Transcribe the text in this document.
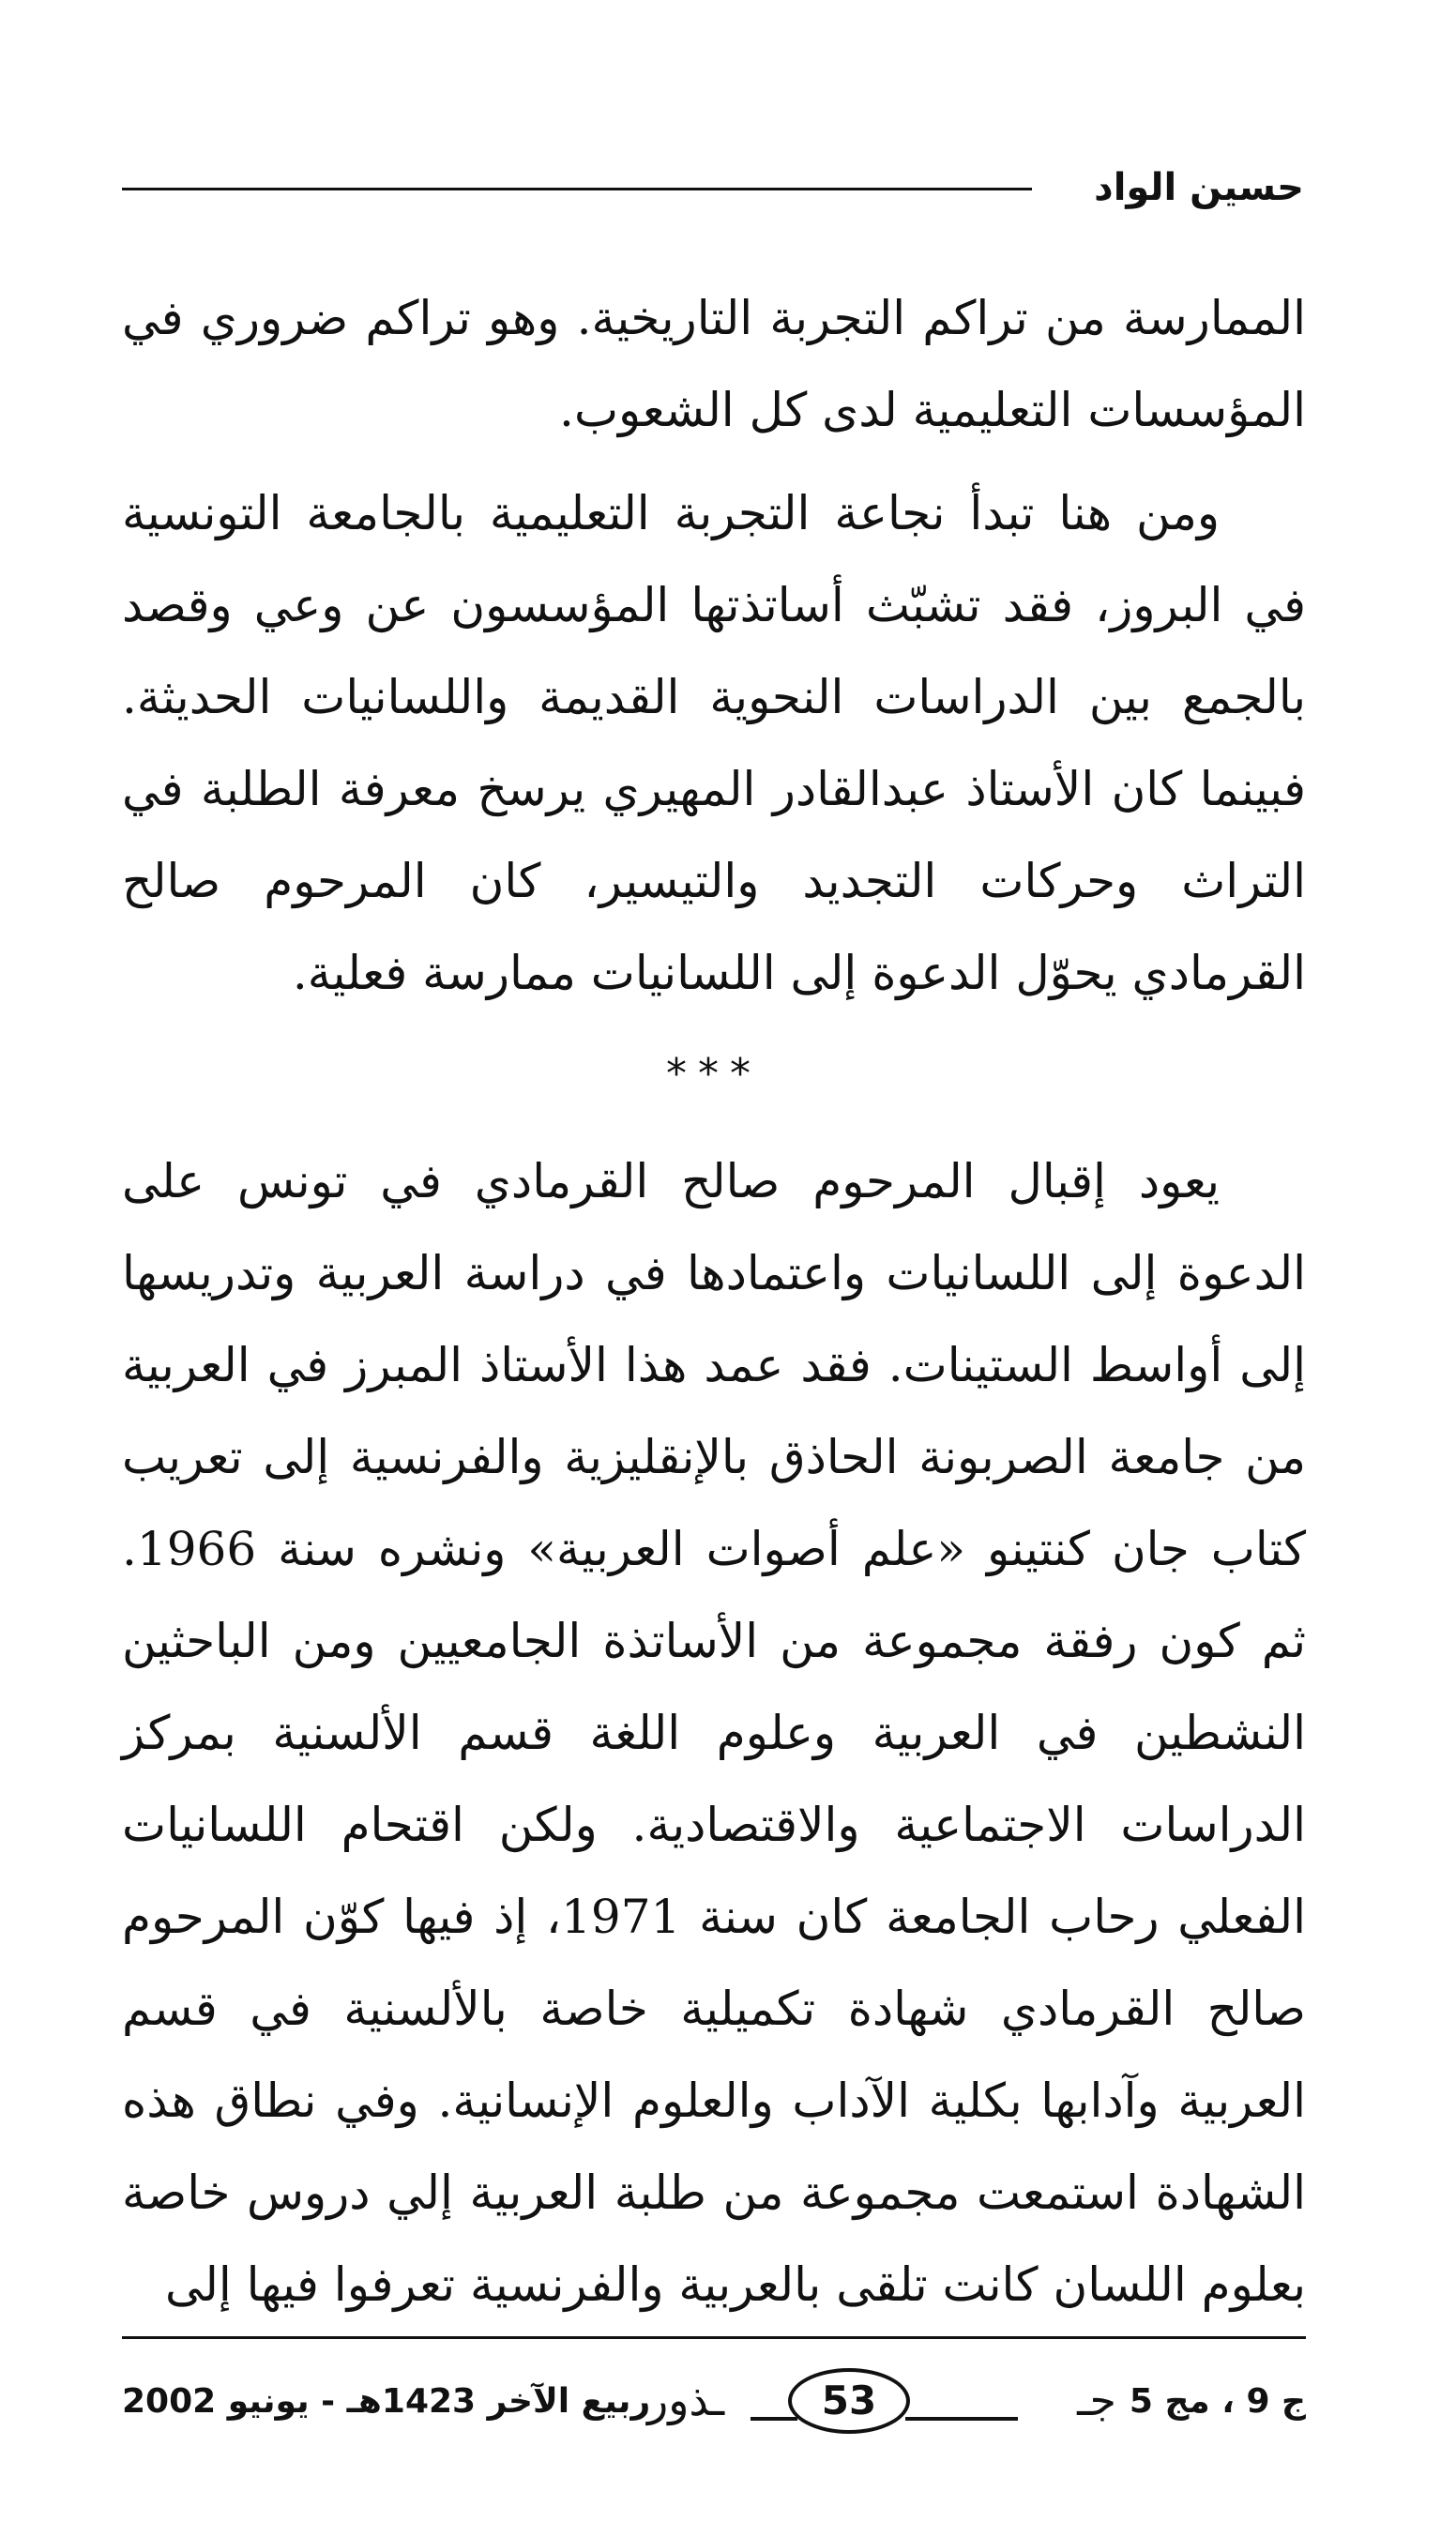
حسين الواد

الممارسة من تراكم التجربة التاريخية. وهو تراكم ضروري في المؤسسات التعليمية لدى كل الشعوب.

ومن هنا تبدأ نجاعة التجربة التعليمية بالجامعة التونسية في البروز، فقد تشبّث أساتذتها المؤسسون عن وعي وقصد بالجمع بين الدراسات النحوية القديمة واللسانيات الحديثة. فبينما كان الأستاذ عبدالقادر المهيري يرسخ معرفة الطلبة في التراث وحركات التجديد والتيسير، كان المرحوم صالح القرمادي يحوّل الدعوة إلى اللسانيات ممارسة فعلية.

***

يعود إقبال المرحوم صالح القرمادي في تونس على الدعوة إلى اللسانيات واعتمادها في دراسة العربية وتدريسها إلى أواسط الستينات. فقد عمد هذا الأستاذ المبرز في العربية من جامعة الصربونة الحاذق بالإنقليزية والفرنسية إلى تعريب كتاب جان كنتينو «علم أصوات العربية» ونشره سنة 1966. ثم كون رفقة مجموعة من الأساتذة الجامعيين ومن الباحثين النشطين في العربية وعلوم اللغة قسم الألسنية بمركز الدراسات الاجتماعية والاقتصادية. ولكن اقتحام اللسانيات الفعلي رحاب الجامعة كان سنة 1971، إذ فيها كوّن المرحوم صالح القرمادي شهادة تكميلية خاصة بالألسنية في قسم العربية وآدابها بكلية الآداب والعلوم الإنسانية. وفي نطاق هذه الشهادة استمعت مجموعة من طلبة العربية إلي دروس خاصة بعلوم اللسان كانت تلقى بالعربية والفرنسية تعرفوا فيها إلى

ج 9 ، مج 5
ـذور	53	جـ
ربيع الآخر 1423هـ - يونيو 2002
